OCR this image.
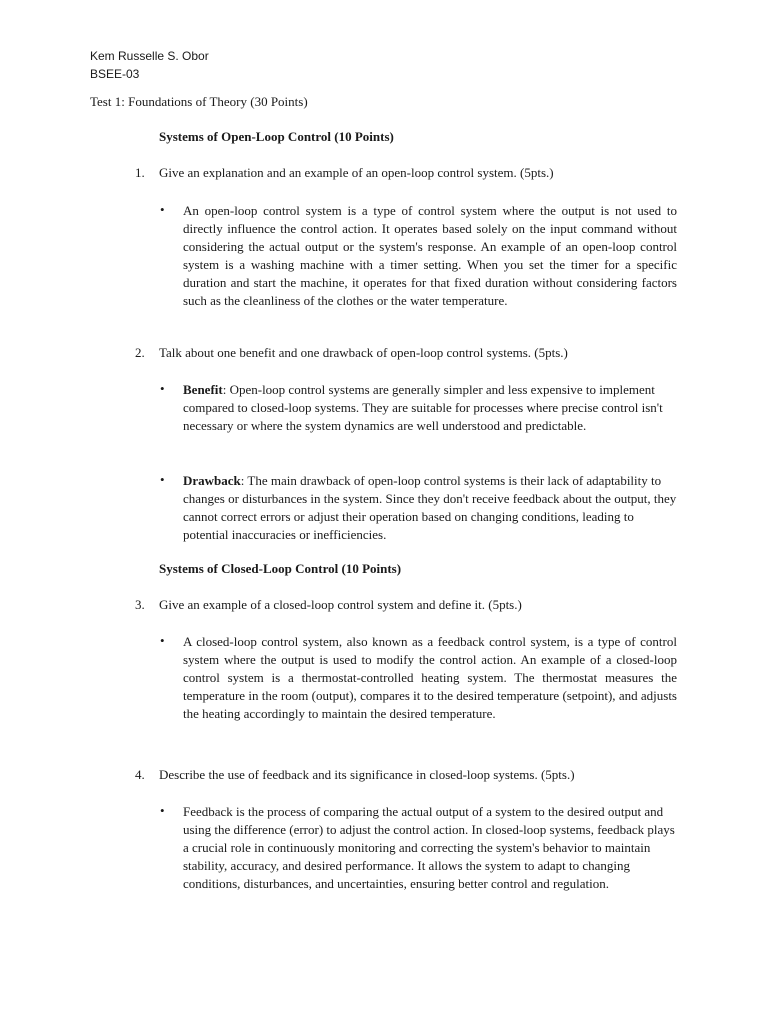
Kem Russelle S. Obor
BSEE-03
Test 1: Foundations of Theory (30 Points)
Systems of Open-Loop Control (10 Points)
1. Give an explanation and an example of an open-loop control system. (5pts.)
• An open-loop control system is a type of control system where the output is not used to directly influence the control action. It operates based solely on the input command without considering the actual output or the system's response. An example of an open-loop control system is a washing machine with a timer setting. When you set the timer for a specific duration and start the machine, it operates for that fixed duration without considering factors such as the cleanliness of the clothes or the water temperature.
2. Talk about one benefit and one drawback of open-loop control systems. (5pts.)
• Benefit: Open-loop control systems are generally simpler and less expensive to implement compared to closed-loop systems. They are suitable for processes where precise control isn't necessary or where the system dynamics are well understood and predictable.
• Drawback: The main drawback of open-loop control systems is their lack of adaptability to changes or disturbances in the system. Since they don't receive feedback about the output, they cannot correct errors or adjust their operation based on changing conditions, leading to potential inaccuracies or inefficiencies.
Systems of Closed-Loop Control (10 Points)
3. Give an example of a closed-loop control system and define it. (5pts.)
• A closed-loop control system, also known as a feedback control system, is a type of control system where the output is used to modify the control action. An example of a closed-loop control system is a thermostat-controlled heating system. The thermostat measures the temperature in the room (output), compares it to the desired temperature (setpoint), and adjusts the heating accordingly to maintain the desired temperature.
4. Describe the use of feedback and its significance in closed-loop systems. (5pts.)
• Feedback is the process of comparing the actual output of a system to the desired output and using the difference (error) to adjust the control action. In closed-loop systems, feedback plays a crucial role in continuously monitoring and correcting the system's behavior to maintain stability, accuracy, and desired performance. It allows the system to adapt to changing conditions, disturbances, and uncertainties, ensuring better control and regulation.
